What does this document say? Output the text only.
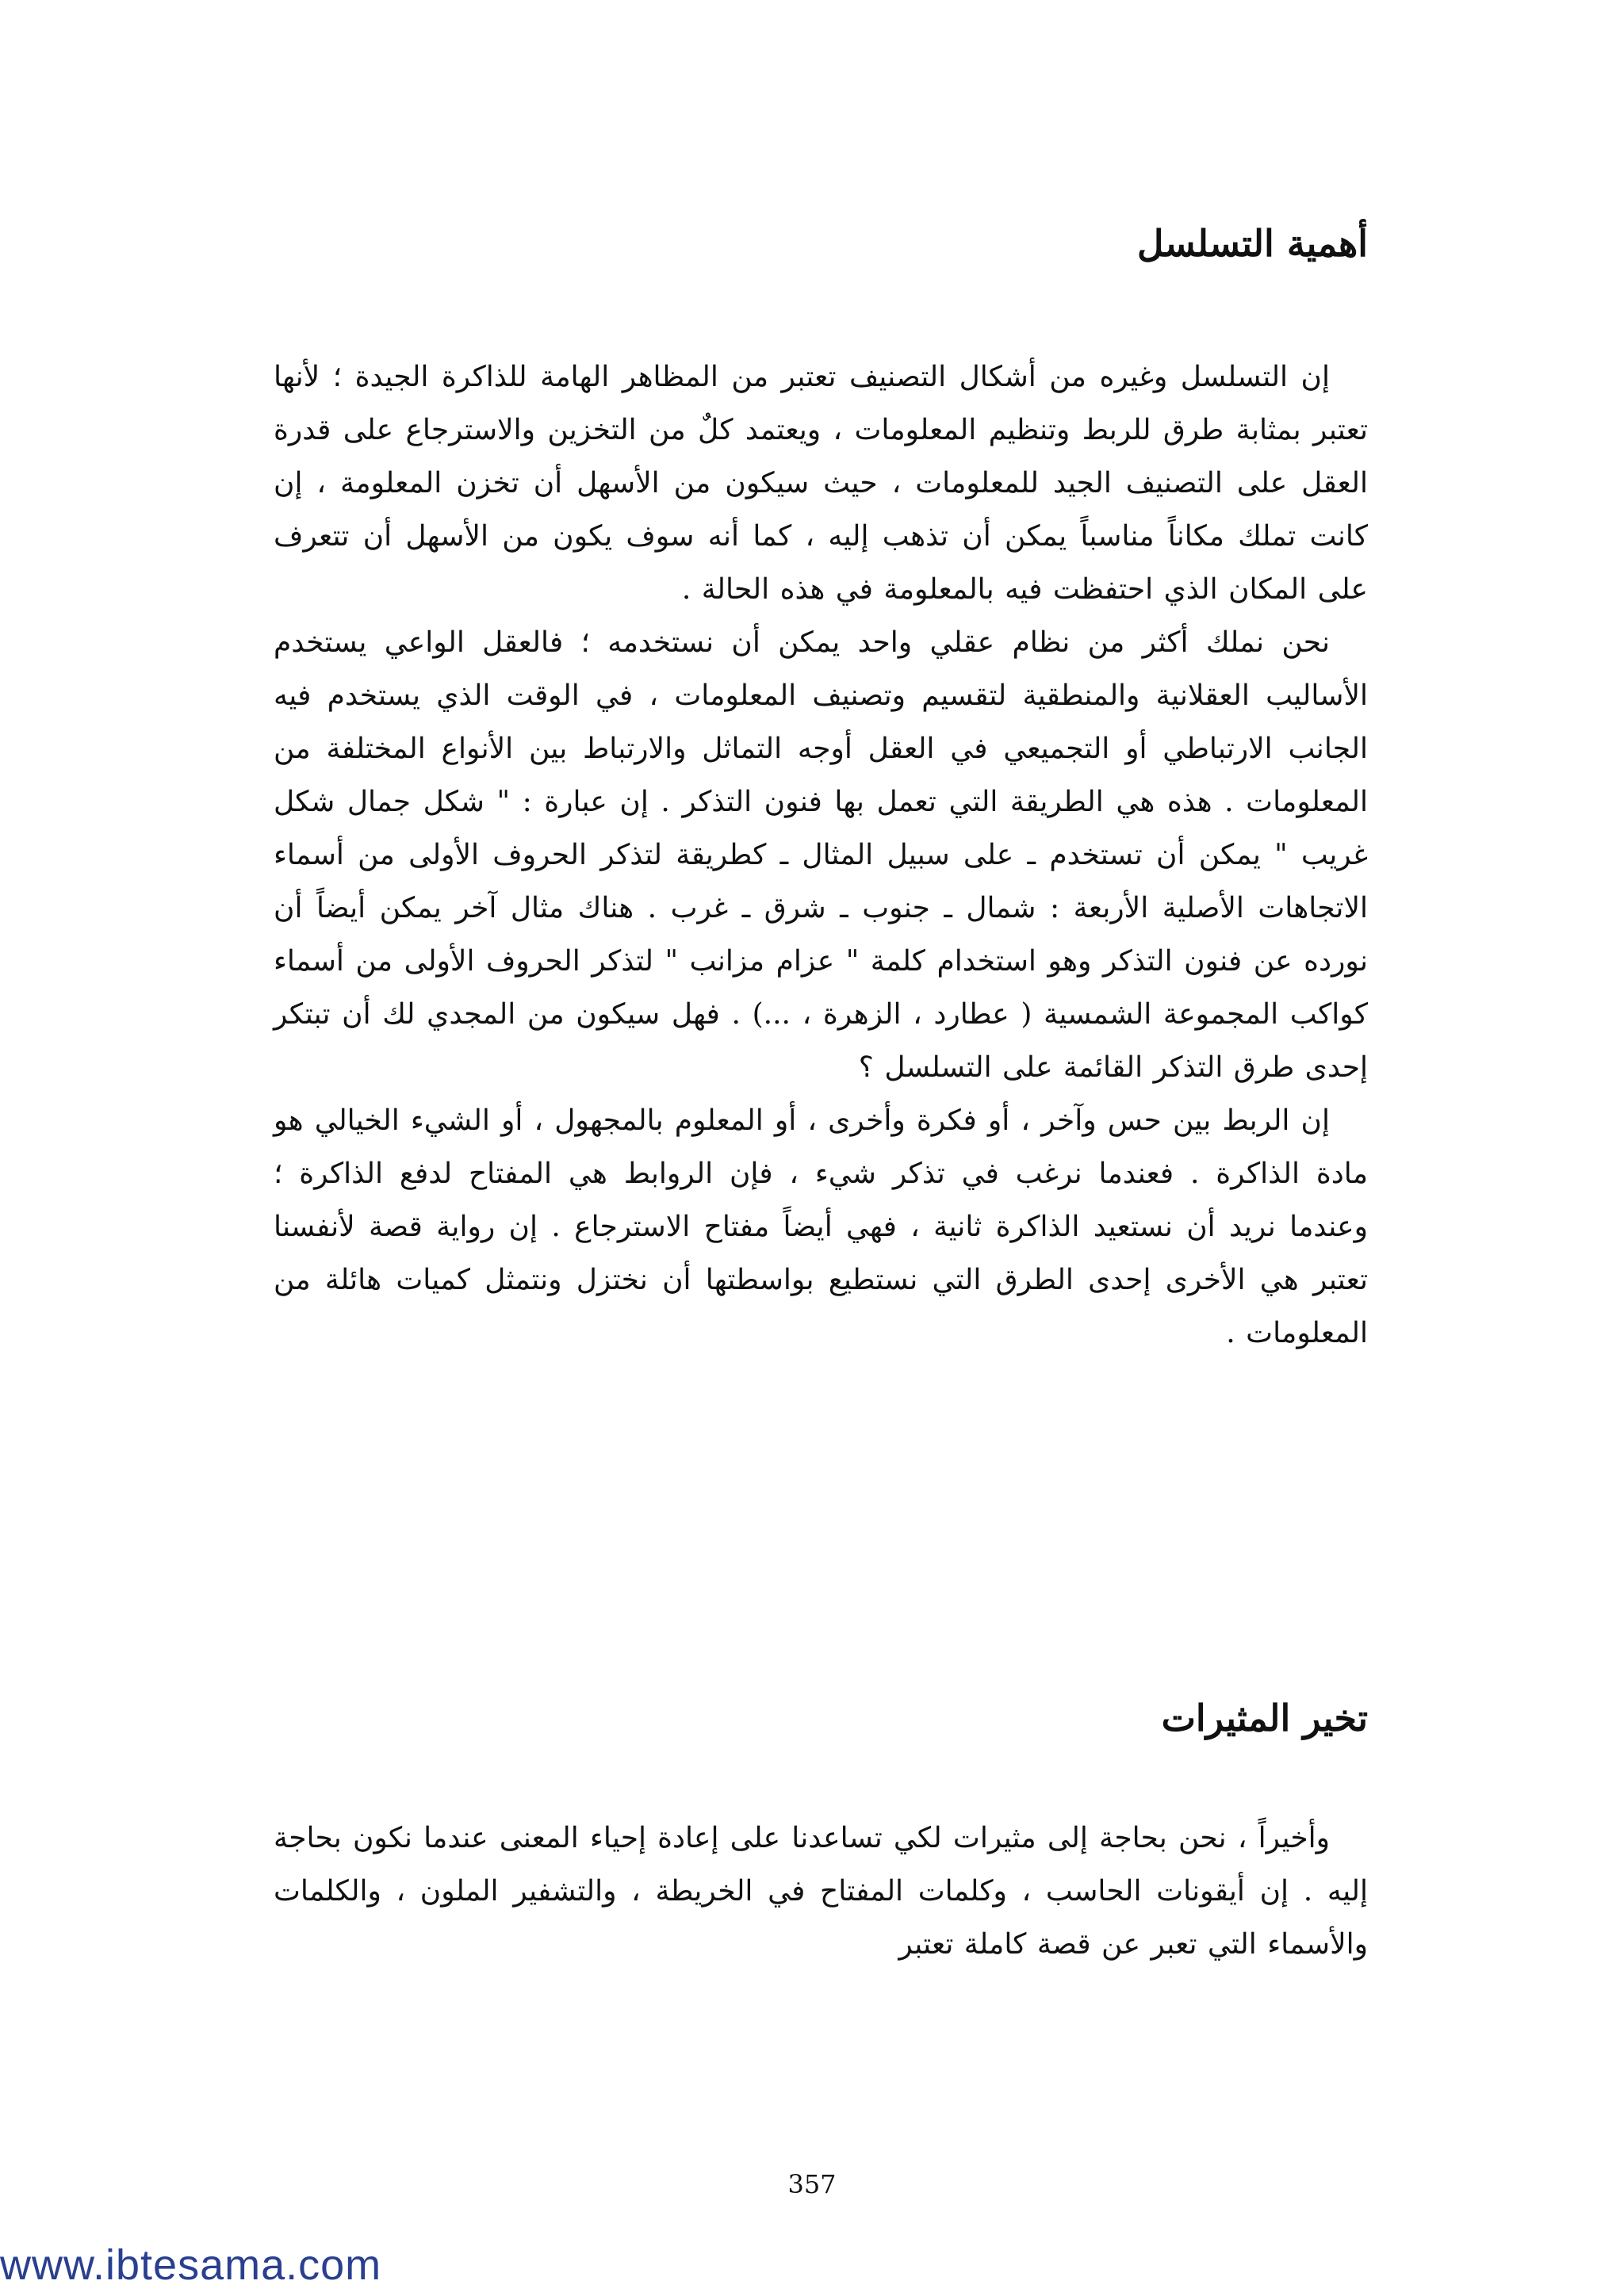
أهمية التسلسل

إن التسلسل وغيره من أشكال التصنيف تعتبر من المظاهر الهامة للذاكرة الجيدة ؛ لأنها تعتبر بمثابة طرق للربط وتنظيم المعلومات ، ويعتمد كلٌ من التخزين والاسترجاع على قدرة العقل على التصنيف الجيد للمعلومات ، حيث سيكون من الأسهل أن تخزن المعلومة ، إن كانت تملك مكاناً مناسباً يمكن أن تذهب إليه ، كما أنه سوف يكون من الأسهل أن تتعرف على المكان الذي احتفظت فيه بالمعلومة في هذه الحالة .

نحن نملك أكثر من نظام عقلي واحد يمكن أن نستخدمه ؛ فالعقل الواعي يستخدم الأساليب العقلانية والمنطقية لتقسيم وتصنيف المعلومات ، في الوقت الذي يستخدم فيه الجانب الارتباطي أو التجميعي في العقل أوجه التماثل والارتباط بين الأنواع المختلفة من المعلومات . هذه هي الطريقة التي تعمل بها فنون التذكر . إن عبارة : " شكل جمال شكل غريب " يمكن أن تستخدم ـ على سبيل المثال ـ كطريقة لتذكر الحروف الأولى من أسماء الاتجاهات الأصلية الأربعة : شمال ـ جنوب ـ شرق ـ غرب . هناك مثال آخر يمكن أيضاً أن نورده عن فنون التذكر وهو استخدام كلمة " عزام مزانب " لتذكر الحروف الأولى من أسماء كواكب المجموعة الشمسية ( عطارد ، الزهرة ، ...) . فهل سيكون من المجدي لك أن تبتكر إحدى طرق التذكر القائمة على التسلسل ؟

إن الربط بين حس وآخر ، أو فكرة وأخرى ، أو المعلوم بالمجهول ، أو الشيء الخيالي هو مادة الذاكرة . فعندما نرغب في تذكر شيء ، فإن الروابط هي المفتاح لدفع الذاكرة ؛ وعندما نريد أن نستعيد الذاكرة ثانية ، فهي أيضاً مفتاح الاسترجاع . إن رواية قصة لأنفسنا تعتبر هي الأخرى إحدى الطرق التي نستطيع بواسطتها أن نختزل ونتمثل كميات هائلة من المعلومات .

تخير المثيرات

وأخيراً ، نحن بحاجة إلى مثيرات لكي تساعدنا على إعادة إحياء المعنى عندما نكون بحاجة إليه . إن أيقونات الحاسب ، وكلمات المفتاح في الخريطة ، والتشفير الملون ، والكلمات والأسماء التي تعبر عن قصة كاملة تعتبر

357
www.ibtesama.com
